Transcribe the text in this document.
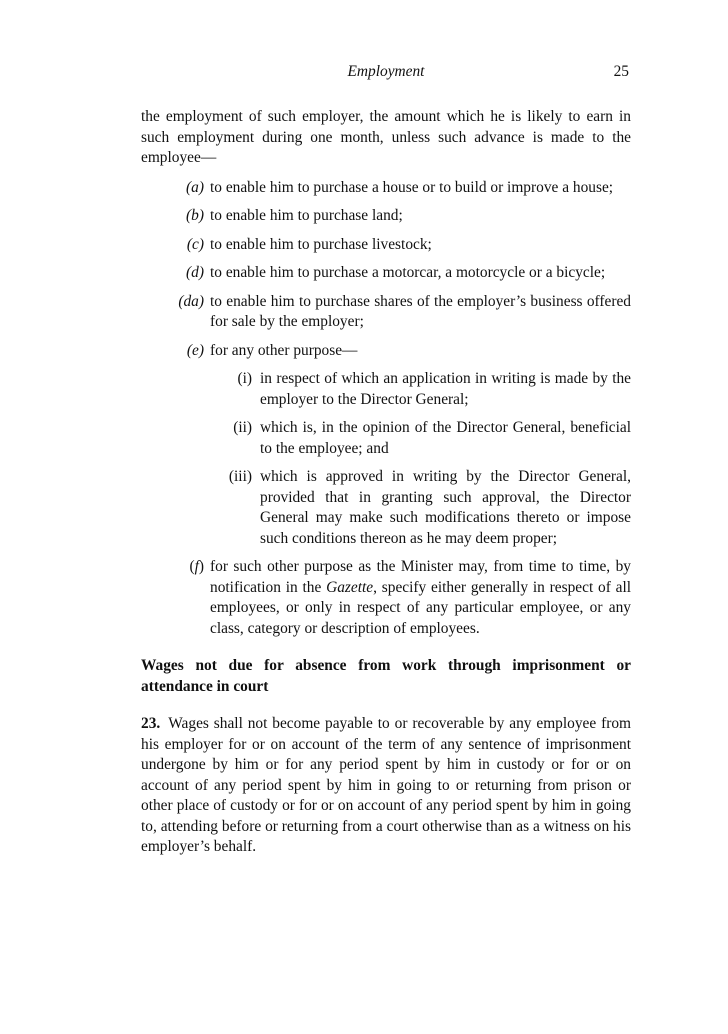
Employment	25

the employment of such employer, the amount which he is likely to earn in such employment during one month, unless such advance is made to the employee—

(a) to enable him to purchase a house or to build or improve a house;
(b) to enable him to purchase land;
(c) to enable him to purchase livestock;
(d) to enable him to purchase a motorcar, a motorcycle or a bicycle;
(da) to enable him to purchase shares of the employer’s business offered for sale by the employer;
(e) for any other purpose—
(i) in respect of which an application in writing is made by the employer to the Director General;
(ii) which is, in the opinion of the Director General, beneficial to the employee; and
(iii) which is approved in writing by the Director General, provided that in granting such approval, the Director General may make such modifications thereto or impose such conditions thereon as he may deem proper;
(f) for such other purpose as the Minister may, from time to time, by notification in the Gazette, specify either generally in respect of all employees, or only in respect of any particular employee, or any class, category or description of employees.
Wages not due for absence from work through imprisonment or attendance in court

23. Wages shall not become payable to or recoverable by any employee from his employer for or on account of the term of any sentence of imprisonment undergone by him or for any period spent by him in custody or for or on account of any period spent by him in going to or returning from prison or other place of custody or for or on account of any period spent by him in going to, attending before or returning from a court otherwise than as a witness on his employer’s behalf.
